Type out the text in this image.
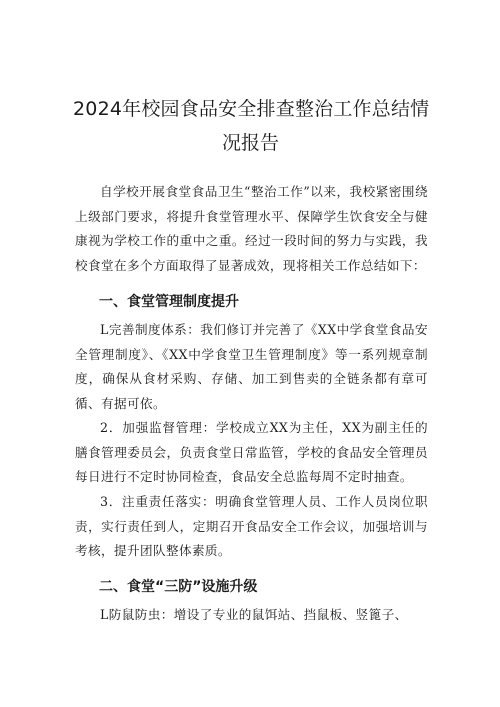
2024年校园食品安全排查整治工作总结情
况报告

自学校开展食堂食品卫生“整治工作”以来，我校紧密围绕上级部门要求，将提升食堂管理水平、保障学生饮食安全与健康视为学校工作的重中之重。经过一段时间的努力与实践，我校食堂在多个方面取得了显著成效，现将相关工作总结如下：

一、食堂管理制度提升

L完善制度体系：我们修订并完善了《XX中学食堂食品安全管理制度》、《XX中学食堂卫生管理制度》等一系列规章制度，确保从食材采购、存储、加工到售卖的全链条都有章可循、有据可依。

2．加强监督管理：学校成立XX为主任，XX为副主任的膳食管理委员会，负责食堂日常监管，学校的食品安全管理员每日进行不定时协同检查，食品安全总监每周不定时抽查。

3．注重责任落实：明确食堂管理人员、工作人员岗位职责，实行责任到人，定期召开食品安全工作会议，加强培训与考核，提升团队整体素质。

二、食堂“三防”设施升级

L防鼠防虫：增设了专业的鼠饵站、挡鼠板、竖篦子、
